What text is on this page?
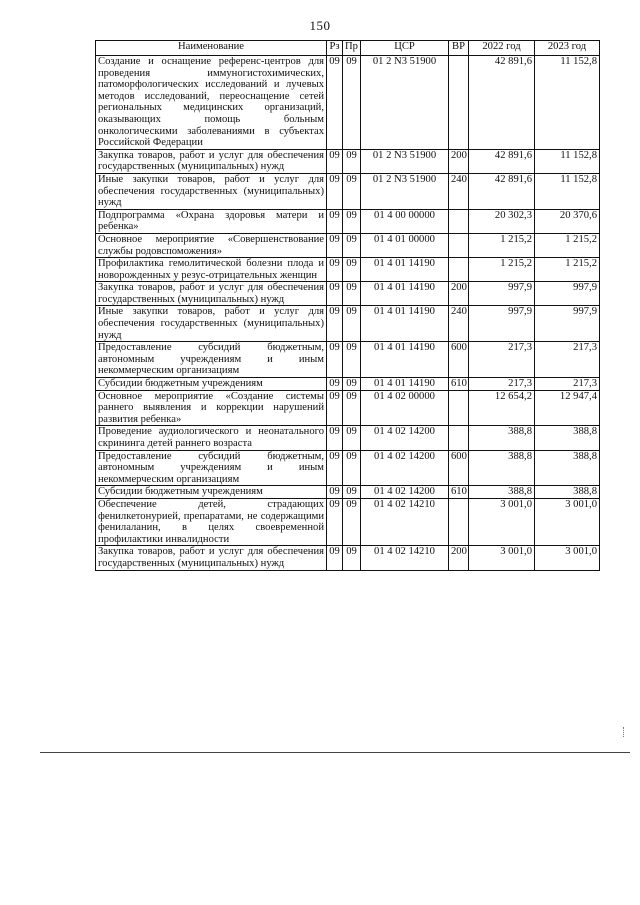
150
Наименование	Рз	Пр	ЦСР	ВР	2022 год	2023 год
Создание и оснащение референс-центров для проведения иммуногистохимических, патоморфологических исследований и лучевых методов исследований, переоснащение сетей региональных медицинских организаций, оказывающих помощь больным онкологическими заболеваниями в субъектах Российской Федерации	09	09	01 2 N3 51900		42 891,6	11 152,8
Закупка товаров, работ и услуг для обеспечения государственных (муниципальных) нужд	09	09	01 2 N3 51900	200	42 891,6	11 152,8
Иные закупки товаров, работ и услуг для обеспечения государственных (муниципальных) нужд	09	09	01 2 N3 51900	240	42 891,6	11 152,8
Подпрограмма «Охрана здоровья матери и ребенка»	09	09	01 4 00 00000		20 302,3	20 370,6
Основное мероприятие «Совершенствование службы родовспоможения»	09	09	01 4 01 00000		1 215,2	1 215,2
Профилактика гемолитической болезни плода и новорожденных у резус-отрицательных женщин	09	09	01 4 01 14190		1 215,2	1 215,2
Закупка товаров, работ и услуг для обеспечения государственных (муниципальных) нужд	09	09	01 4 01 14190	200	997,9	997,9
Иные закупки товаров, работ и услуг для обеспечения государственных (муниципальных) нужд	09	09	01 4 01 14190	240	997,9	997,9
Предоставление субсидий бюджетным, автономным учреждениям и иным некоммерческим организациям	09	09	01 4 01 14190	600	217,3	217,3
Субсидии бюджетным учреждениям	09	09	01 4 01 14190	610	217,3	217,3
Основное мероприятие «Создание системы раннего выявления и коррекции нарушений развития ребенка»	09	09	01 4 02 00000		12 654,2	12 947,4
Проведение аудиологического и неонатального скрининга детей раннего возраста	09	09	01 4 02 14200		388,8	388,8
Предоставление субсидий бюджетным, автономным учреждениям и иным некоммерческим организациям	09	09	01 4 02 14200	600	388,8	388,8
Субсидии бюджетным учреждениям	09	09	01 4 02 14200	610	388,8	388,8
Обеспечение детей, страдающих фенилкетонурией, препаратами, не содержащими фенилаланин, в целях своевременной профилактики инвалидности	09	09	01 4 02 14210		3 001,0	3 001,0
Закупка товаров, работ и услуг для обеспечения государственных (муниципальных) нужд	09	09	01 4 02 14210	200	3 001,0	3 001,0
